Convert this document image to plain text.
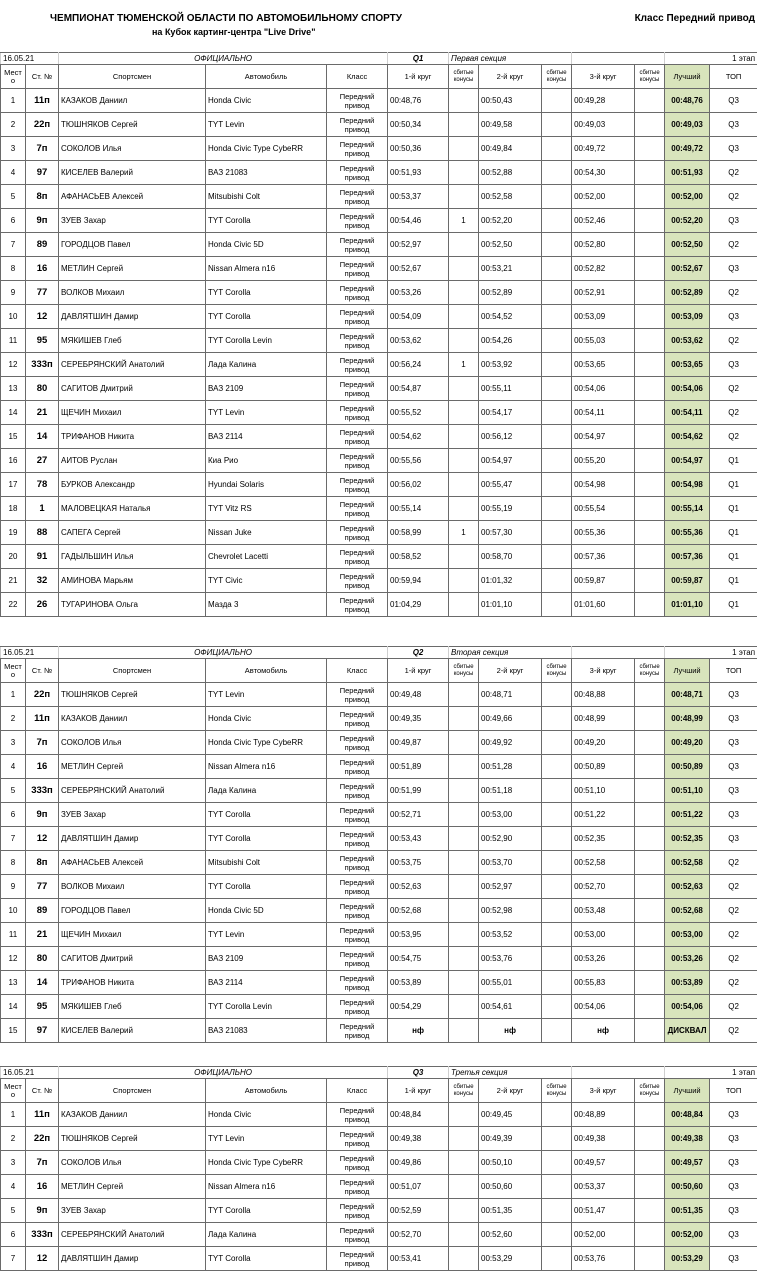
ЧЕМПИОНАТ ТЮМЕНСКОЙ ОБЛАСТИ ПО АВТОМОБИЛЬНОМУ СПОРТУ
на Кубок картинг-центра "Live Drive"
Класс Передний привод
16.05.21		ОФИЦИАЛЬНО			Q1	Первая секция					1 этап	
Мест о	Ст. №	Спортсмен	Автомобиль	Класс	1-й круг	сбитые конусы	2-й круг	сбитые конусы	3-й круг	сбитые конусы	Лучший	ТОП
1	11п	КАЗАКОВ Даниил	Honda Civic	Передний привод	00:48,76		00:50,43		00:49,28		00:48,76	Q3
2	22п	ТЮШНЯКОВ Сергей	TYT Levin	Передний привод	00:50,34		00:49,58		00:49,03		00:49,03	Q3
3	7п	СОКОЛОВ Илья	Honda Civic Type CybeRR	Передний привод	00:50,36		00:49,84		00:49,72		00:49,72	Q3
4	97	КИСЕЛЕВ Валерий	ВАЗ 21083	Передний привод	00:51,93		00:52,88		00:54,30		00:51,93	Q2
5	8п	АФАНАСЬЕВ Алексей	Mitsubishi Colt	Передний привод	00:53,37		00:52,58		00:52,00		00:52,00	Q2
6	9п	ЗУЕВ Захар	TYT Corolla	Передний привод	00:54,46	1	00:52,20		00:52,46		00:52,20	Q3
7	89	ГОРОДЦОВ Павел	Honda Civic 5D	Передний привод	00:52,97		00:52,50		00:52,80		00:52,50	Q2
8	16	МЕТЛИН Сергей	Nissan Almera n16	Передний привод	00:52,67		00:53,21		00:52,82		00:52,67	Q3
9	77	ВОЛКОВ Михаил	TYT Corolla	Передний привод	00:53,26		00:52,89		00:52,91		00:52,89	Q2
10	12	ДАВЛЯТШИН Дамир	TYT Corolla	Передний привод	00:54,09		00:54,52		00:53,09		00:53,09	Q3
11	95	МЯКИШЕВ Глеб	TYT Corolla Levin	Передний привод	00:53,62		00:54,26		00:55,03		00:53,62	Q2
12	333п	СЕРЕБРЯНСКИЙ Анатолий	Лада Калина	Передний привод	00:56,24	1	00:53,92		00:53,65		00:53,65	Q3
13	80	САГИТОВ Дмитрий	ВАЗ 2109	Передний привод	00:54,87		00:55,11		00:54,06		00:54,06	Q2
14	21	ЩЕЧИН Михаил	TYT Levin	Передний привод	00:55,52		00:54,17		00:54,11		00:54,11	Q2
15	14	ТРИФАНОВ Никита	ВАЗ 2114	Передний привод	00:54,62		00:56,12		00:54,97		00:54,62	Q2
16	27	АИТОВ Руслан	Киа Рио	Передний привод	00:55,56		00:54,97		00:55,20		00:54,97	Q1
17	78	БУРКОВ Александр	Hyundai Solaris	Передний привод	00:56,02		00:55,47		00:54,98		00:54,98	Q1
18	1	МАЛОВЕЦКАЯ Наталья	TYT Vitz RS	Передний привод	00:55,14		00:55,19		00:55,54		00:55,14	Q1
19	88	САПЕГА Сергей	Nissan Juke	Передний привод	00:58,99	1	00:57,30		00:55,36		00:55,36	Q1
20	91	ГАДЫЛЬШИН Илья	Chevrolet Lacetti	Передний привод	00:58,52		00:58,70		00:57,36		00:57,36	Q1
21	32	АМИНОВА Марьям	TYT Civic	Передний привод	00:59,94		01:01,32		00:59,87		00:59,87	Q1
22	26	ТУГАРИНОВА Ольга	Мазда 3	Передний привод	01:04,29		01:01,10		01:01,60		01:01,10	Q1
16.05.21		ОФИЦИАЛЬНО			Q2	Вторая секция					1 этап	
Мест о	Ст. №	Спортсмен	Автомобиль	Класс	1-й круг	сбитые конусы	2-й круг	сбитые конусы	3-й круг	сбитые конусы	Лучший	ТОП
1	22п	ТЮШНЯКОВ Сергей	TYT Levin	Передний привод	00:49,48		00:48,71		00:48,88		00:48,71	Q3
2	11п	КАЗАКОВ Даниил	Honda Civic	Передний привод	00:49,35		00:49,66		00:48,99		00:48,99	Q3
3	7п	СОКОЛОВ Илья	Honda Civic Type CybeRR	Передний привод	00:49,87		00:49,92		00:49,20		00:49,20	Q3
4	16	МЕТЛИН Сергей	Nissan Almera n16	Передний привод	00:51,89		00:51,28		00:50,89		00:50,89	Q3
5	333п	СЕРЕБРЯНСКИЙ Анатолий	Лада Калина	Передний привод	00:51,99		00:51,18		00:51,10		00:51,10	Q3
6	9п	ЗУЕВ Захар	TYT Corolla	Передний привод	00:52,71		00:53,00		00:51,22		00:51,22	Q3
7	12	ДАВЛЯТШИН Дамир	TYT Corolla	Передний привод	00:53,43		00:52,90		00:52,35		00:52,35	Q3
8	8п	АФАНАСЬЕВ Алексей	Mitsubishi Colt	Передний привод	00:53,75		00:53,70		00:52,58		00:52,58	Q2
9	77	ВОЛКОВ Михаил	TYT Corolla	Передний привод	00:52,63		00:52,97		00:52,70		00:52,63	Q2
10	89	ГОРОДЦОВ Павел	Honda Civic 5D	Передний привод	00:52,68		00:52,98		00:53,48		00:52,68	Q2
11	21	ЩЕЧИН Михаил	TYT Levin	Передний привод	00:53,95		00:53,52		00:53,00		00:53,00	Q2
12	80	САГИТОВ Дмитрий	ВАЗ 2109	Передний привод	00:54,75		00:53,76		00:53,26		00:53,26	Q2
13	14	ТРИФАНОВ Никита	ВАЗ 2114	Передний привод	00:53,89		00:55,01		00:55,83		00:53,89	Q2
14	95	МЯКИШЕВ Глеб	TYT Corolla Levin	Передний привод	00:54,29		00:54,61		00:54,06		00:54,06	Q2
15	97	КИСЕЛЕВ Валерий	ВАЗ 21083	Передний привод	нф		нф		нф		ДИСКВАЛ	Q2
16.05.21		ОФИЦИАЛЬНО			Q3	Третья секция					1 этап	
Мест о	Ст. №	Спортсмен	Автомобиль	Класс	1-й круг	сбитые конусы	2-й круг	сбитые конусы	3-й круг	сбитые конусы	Лучший	ТОП
1	11п	КАЗАКОВ Даниил	Honda Civic	Передний привод	00:48,84		00:49,45		00:48,89		00:48,84	Q3
2	22п	ТЮШНЯКОВ Сергей	TYT Levin	Передний привод	00:49,38		00:49,39		00:49,38		00:49,38	Q3
3	7п	СОКОЛОВ Илья	Honda Civic Type CybeRR	Передний привод	00:49,86		00:50,10		00:49,57		00:49,57	Q3
4	16	МЕТЛИН Сергей	Nissan Almera n16	Передний привод	00:51,07		00:50,60		00:53,37		00:50,60	Q3
5	9п	ЗУЕВ Захар	TYT Corolla	Передний привод	00:52,59		00:51,35		00:51,47		00:51,35	Q3
6	333п	СЕРЕБРЯНСКИЙ Анатолий	Лада Калина	Передний привод	00:52,70		00:52,60		00:52,00		00:52,00	Q3
7	12	ДАВЛЯТШИН Дамир	TYT Corolla	Передний привод	00:53,41		00:53,29		00:53,76		00:53,29	Q3
